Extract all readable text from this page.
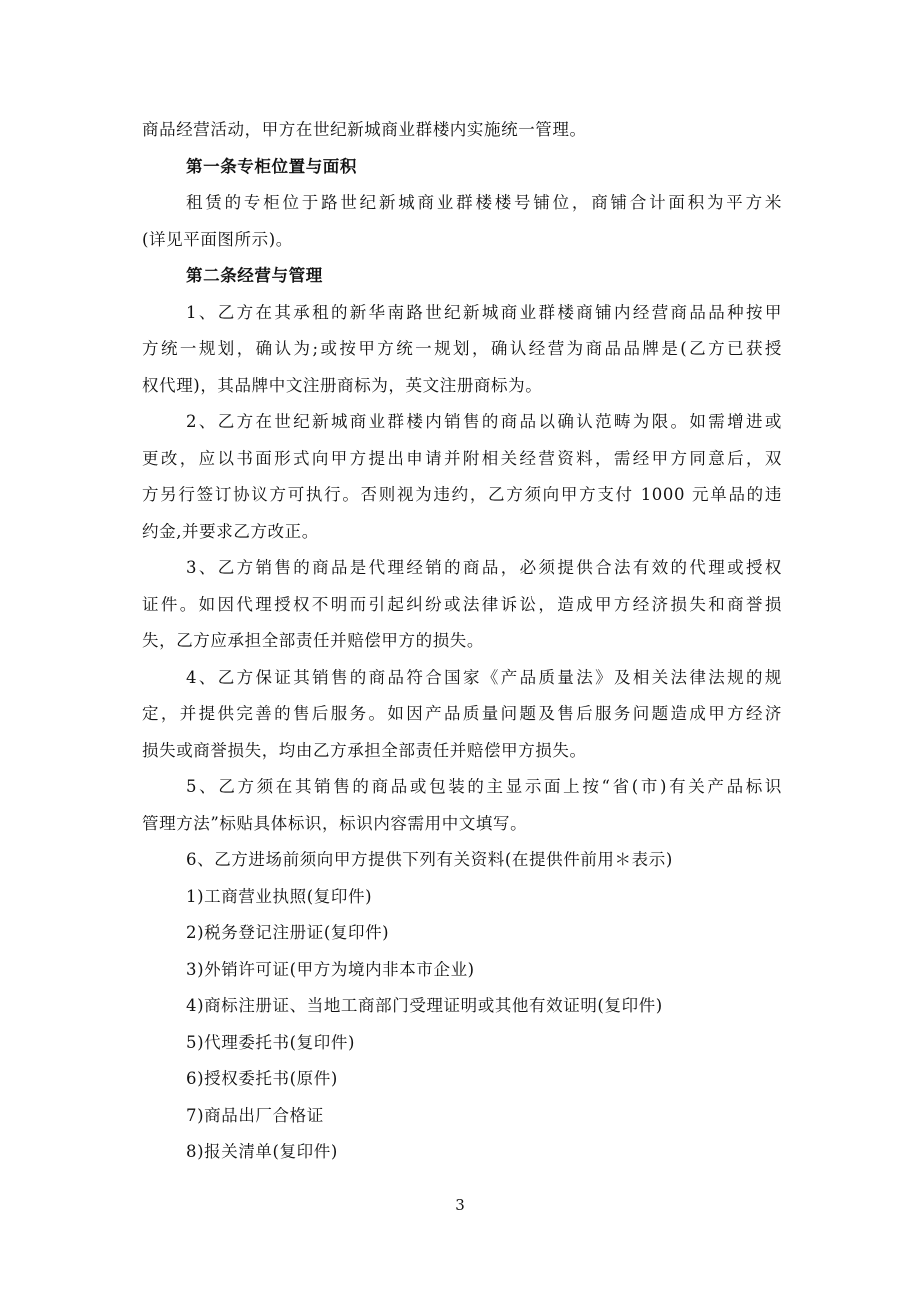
商品经营活动，甲方在世纪新城商业群楼内实施统一管理。
第一条专柜位置与面积
租赁的专柜位于路世纪新城商业群楼楼号铺位，商铺合计面积为平方米
(详见平面图所示)。
第二条经营与管理
1、乙方在其承租的新华南路世纪新城商业群楼商铺内经营商品品种按甲
方统一规划，确认为;或按甲方统一规划，确认经营为商品品牌是(乙方已获授
权代理)，其品牌中文注册商标为，英文注册商标为。
2、乙方在世纪新城商业群楼内销售的商品以确认范畴为限。如需增进或
更改，应以书面形式向甲方提出申请并附相关经营资料，需经甲方同意后，双
方另行签订协议方可执行。否则视为违约，乙方须向甲方支付 1000 元单品的违
约金,并要求乙方改正。
3、乙方销售的商品是代理经销的商品，必须提供合法有效的代理或授权
证件。如因代理授权不明而引起纠纷或法律诉讼，造成甲方经济损失和商誉损
失，乙方应承担全部责任并赔偿甲方的损失。
4、乙方保证其销售的商品符合国家《产品质量法》及相关法律法规的规
定，并提供完善的售后服务。如因产品质量问题及售后服务问题造成甲方经济
损失或商誉损失，均由乙方承担全部责任并赔偿甲方损失。
5、乙方须在其销售的商品或包装的主显示面上按“省(市)有关产品标识
管理方法”标贴具体标识，标识内容需用中文填写。
6、乙方进场前须向甲方提供下列有关资料(在提供件前用＊表示)
1)工商营业执照(复印件)
2)税务登记注册证(复印件)
3)外销许可证(甲方为境内非本市企业)
4)商标注册证、当地工商部门受理证明或其他有效证明(复印件)
5)代理委托书(复印件)
6)授权委托书(原件)
7)商品出厂合格证
8)报关清单(复印件)
3
